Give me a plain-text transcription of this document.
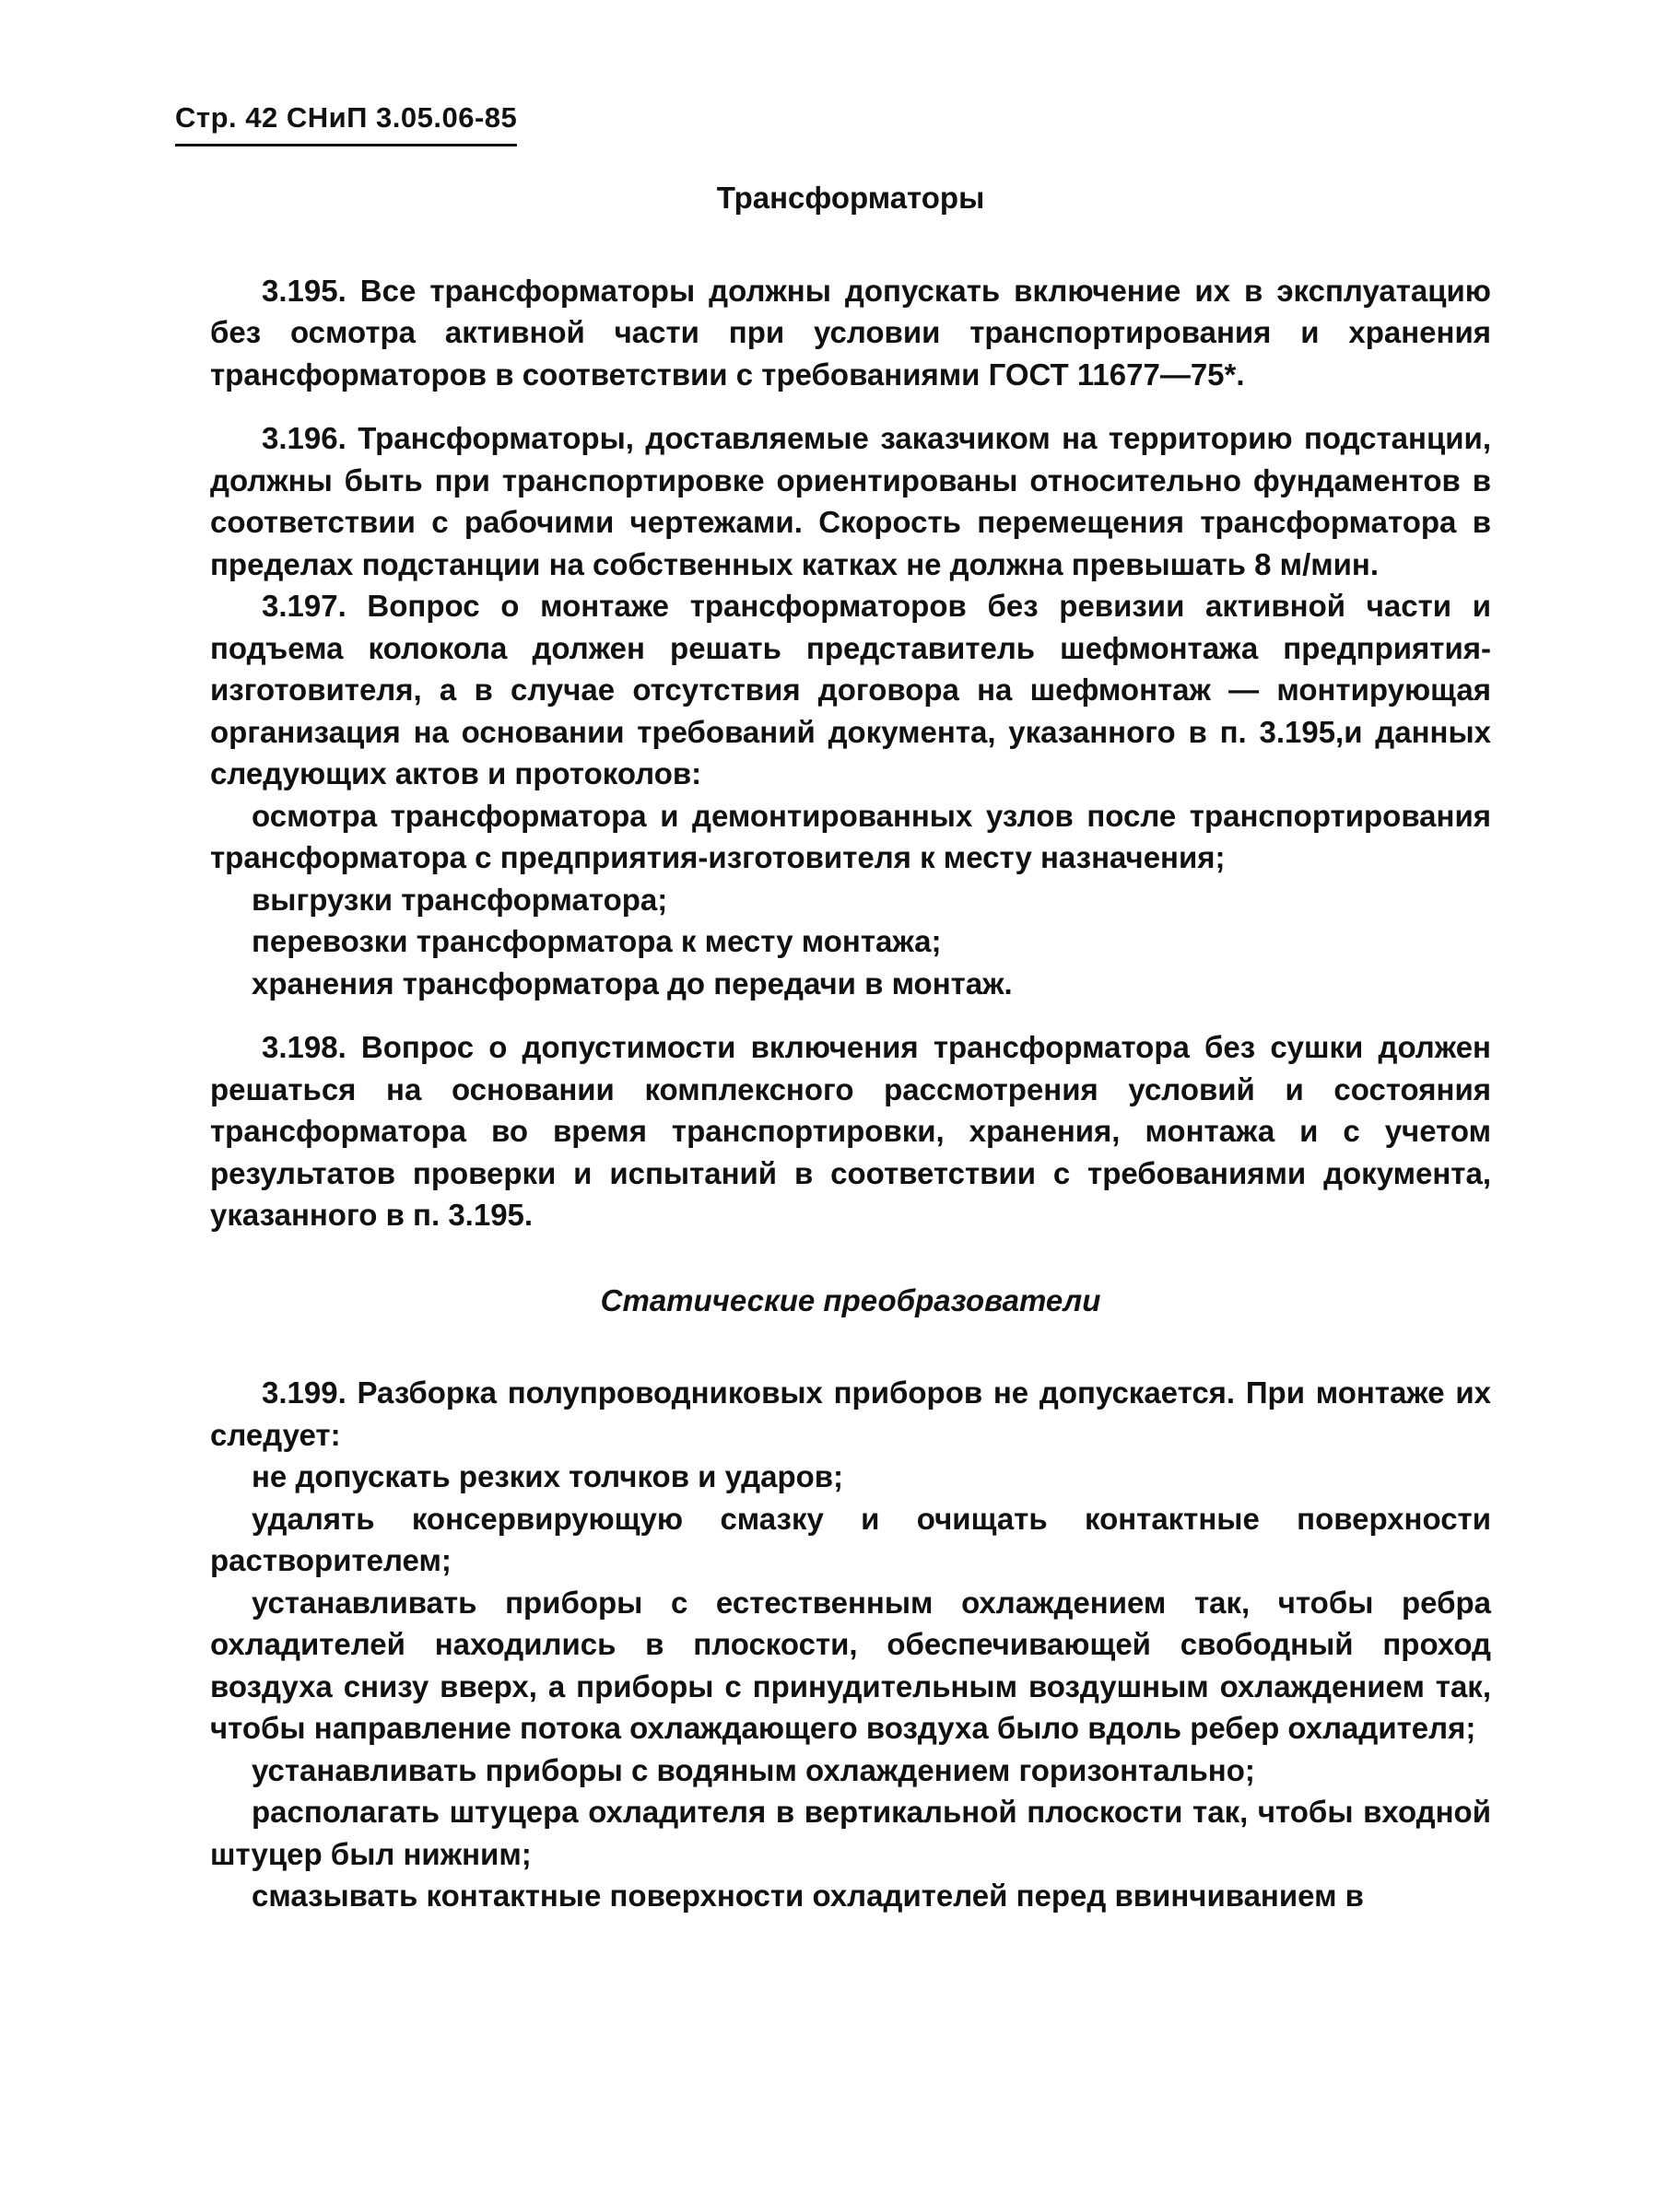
Стр. 42 СНиП 3.05.06-85
Трансформаторы

3.195. Все трансформаторы должны допускать включение их в эксплуатацию без осмотра активной части при условии транспортирования и хранения трансформаторов в соответствии с требованиями ГОСТ 11677—75*.

3.196. Трансформаторы, доставляемые заказчиком на территорию подстанции, должны быть при транспортировке ориентированы относительно фундаментов в соответствии с рабочими чертежами. Скорость перемещения трансформатора в пределах подстанции на собственных катках не должна превышать 8 м/мин.

3.197. Вопрос о монтаже трансформаторов без ревизии активной части и подъема колокола должен решать представитель шефмонтажа предприятия-изготовителя, а в случае отсутствия договора на шефмонтаж — монтирующая организация на основании требований документа, указанного в п. 3.195,и данных следующих актов и протоколов:

осмотра трансформатора и демонтированных узлов после транспортирования трансформатора с предприятия-изготовителя к месту назначения;

выгрузки трансформатора;

перевозки трансформатора к месту монтажа;

хранения трансформатора до передачи в монтаж.

3.198. Вопрос о допустимости включения трансформатора без сушки должен решаться на основании комплексного рассмотрения условий и состояния трансформатора во время транспортировки, хранения, монтажа и с учетом результатов проверки и испытаний в соответствии с требованиями документа, указанного в п. 3.195.

Статические преобразователи

3.199. Разборка полупроводниковых приборов не допускается. При монтаже их следует:

не допускать резких толчков и ударов;

удалять консервирующую смазку и очищать контактные поверхности растворителем;

устанавливать приборы с естественным охлаждением так, чтобы ребра охладителей находились в плоскости, обеспечивающей свободный проход воздуха снизу вверх, а приборы с принудительным воздушным охлаждением так, чтобы направление потока охлаждающего воздуха было вдоль ребер охладителя;

устанавливать приборы с водяным охлаждением горизонтально;

располагать штуцера охладителя в вертикальной плоскости так, чтобы входной штуцер был нижним;

смазывать контактные поверхности охладителей перед ввинчиванием в
